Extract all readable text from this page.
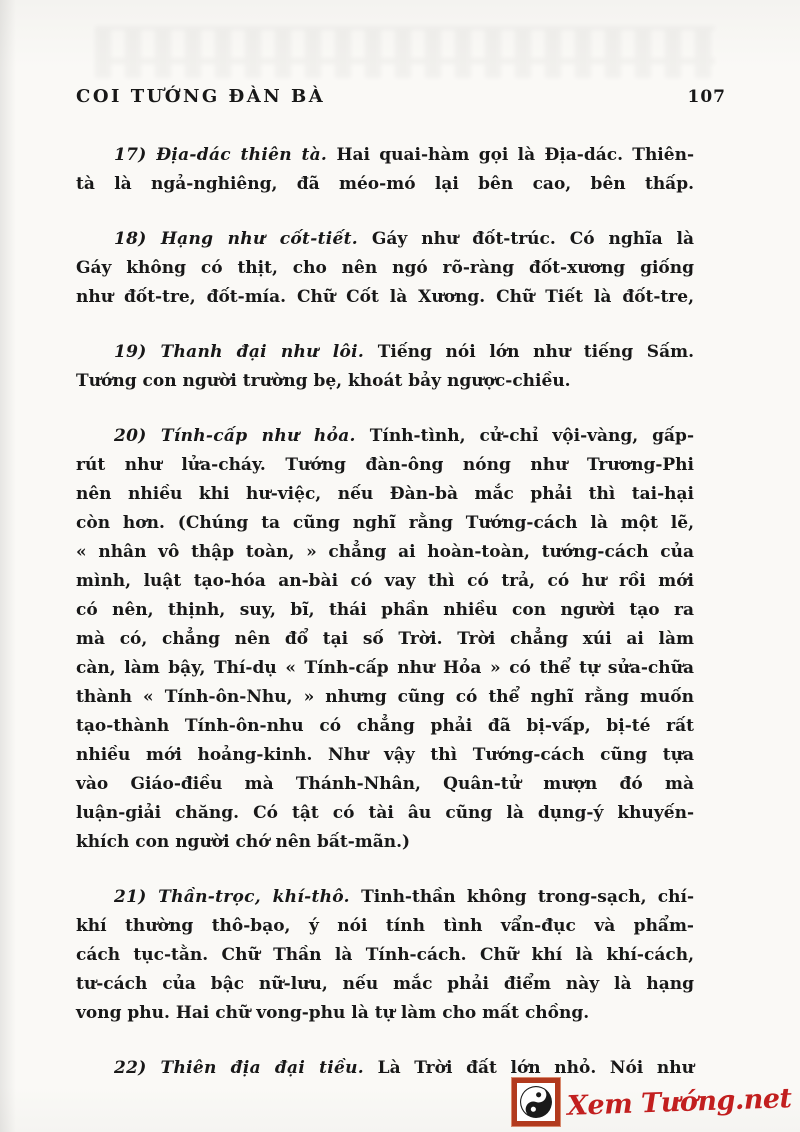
COI TƯỚNG ĐÀN BÀ	107
17) Địa-dác thiên tà. Hai quai-hàm gọi là Địa-dác. Thiên-
tà là ngả-nghiêng, đã méo-mó lại bên cao, bên thấp.
18) Hạng như cốt-tiết. Gáy như đốt-trúc. Có nghĩa là
Gáy không có thịt, cho nên ngó rõ-ràng đốt-xương giống
như đốt-tre, đốt-mía. Chữ Cốt là Xương. Chữ Tiết là đốt-tre,
19) Thanh đại như lôi. Tiếng nói lớn như tiếng Sấm.
Tướng con người trường bẹ, khoát bảy ngược-chiều.
20) Tính-cấp như hỏa. Tính-tình, cử-chỉ vội-vàng, gấp-
rút như lửa-cháy. Tướng đàn-ông nóng như Trương-Phi
nên nhiều khi hư-việc, nếu Đàn-bà mắc phải thì tai-hại
còn hơn. (Chúng ta cũng nghĩ rằng Tướng-cách là một lẽ,
« nhân vô thập toàn, » chẳng ai hoàn-toàn, tướng-cách của
mình, luật tạo-hóa an-bài có vay thì có trả, có hư rồi mới
có nên, thịnh, suy, bĩ, thái phần nhiều con người tạo ra
mà có, chẳng nên đổ tại số Trời. Trời chẳng xúi ai làm
càn, làm bậy, Thí-dụ « Tính-cấp như Hỏa » có thể tự sửa-chữa
thành « Tính-ôn-Nhu, » nhưng cũng có thể nghĩ rằng muốn
tạo-thành Tính-ôn-nhu có chẳng phải đã bị-vấp, bị-té rất
nhiều mới hoảng-kinh. Như vậy thì Tướng-cách cũng tựa
vào Giáo-điều mà Thánh-Nhân, Quân-tử mượn đó mà
luận-giải chăng. Có tật có tài âu cũng là dụng-ý khuyến-
khích con người chớ nên bất-mãn.)
21) Thần-trọc, khí-thô. Tinh-thần không trong-sạch, chí-
khí thường thô-bạo, ý nói tính tình vẩn-đục và phẩm-
cách tục-tằn. Chữ Thần là Tính-cách. Chữ khí là khí-cách,
tư-cách của bậc nữ-lưu, nếu mắc phải điểm này là hạng
vong phu. Hai chữ vong-phu là tự làm cho mất chồng.
22) Thiên địa đại tiều. Là Trời đất lớn nhỏ. Nói như
Xem Tướng.net
